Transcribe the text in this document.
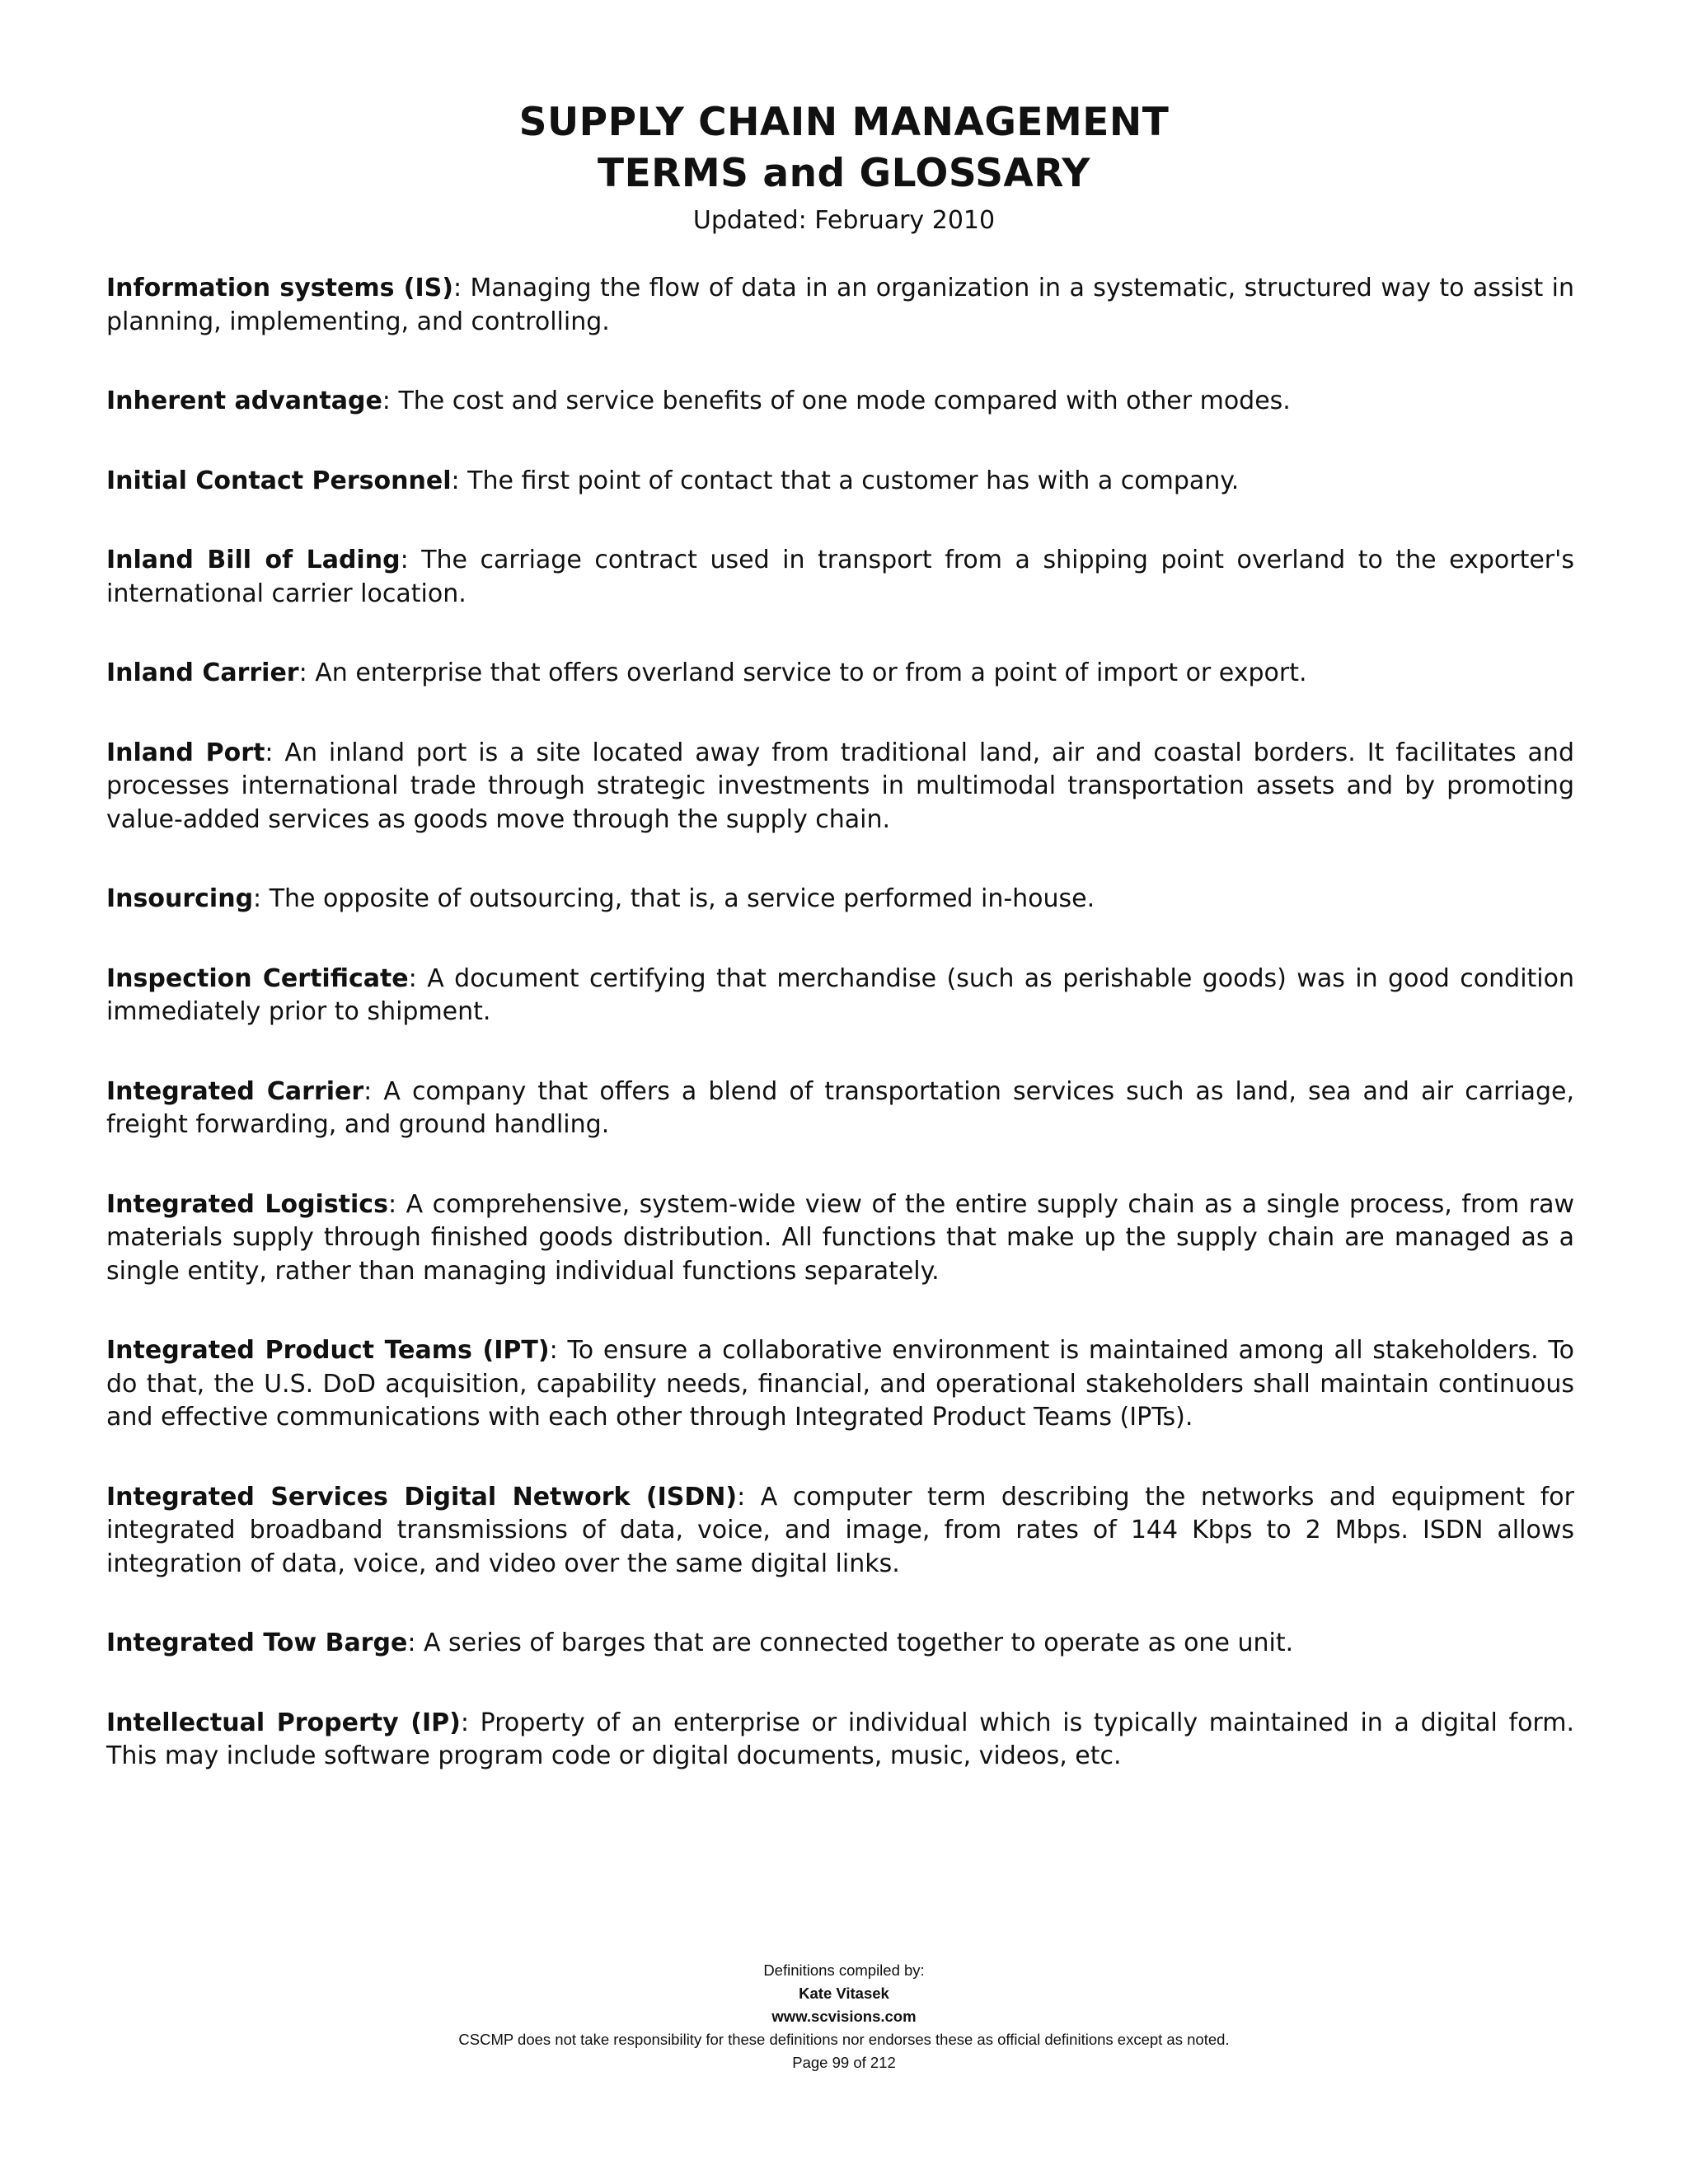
SUPPLY CHAIN MANAGEMENT
TERMS and GLOSSARY
Updated: February 2010

Information systems (IS): Managing the flow of data in an organization in a systematic, structured way to assist in planning, implementing, and controlling.

Inherent advantage: The cost and service benefits of one mode compared with other modes.

Initial Contact Personnel: The first point of contact that a customer has with a company.

Inland Bill of Lading: The carriage contract used in transport from a shipping point overland to the exporter's international carrier location.

Inland Carrier: An enterprise that offers overland service to or from a point of import or export.

Inland Port: An inland port is a site located away from traditional land, air and coastal borders. It facilitates and processes international trade through strategic investments in multimodal transportation assets and by promoting value-added services as goods move through the supply chain.

Insourcing: The opposite of outsourcing, that is, a service performed in-house.

Inspection Certificate: A document certifying that merchandise (such as perishable goods) was in good condition immediately prior to shipment.

Integrated Carrier: A company that offers a blend of transportation services such as land, sea and air carriage, freight forwarding, and ground handling.

Integrated Logistics: A comprehensive, system-wide view of the entire supply chain as a single process, from raw materials supply through finished goods distribution. All functions that make up the supply chain are managed as a single entity, rather than managing individual functions separately.

Integrated Product Teams (IPT): To ensure a collaborative environment is maintained among all stakeholders. To do that, the U.S. DoD acquisition, capability needs, financial, and operational stakeholders shall maintain continuous and effective communications with each other through Integrated Product Teams (IPTs).

Integrated Services Digital Network (ISDN): A computer term describing the networks and equipment for integrated broadband transmissions of data, voice, and image, from rates of 144 Kbps to 2 Mbps. ISDN allows integration of data, voice, and video over the same digital links.

Integrated Tow Barge: A series of barges that are connected together to operate as one unit.

Intellectual Property (IP): Property of an enterprise or individual which is typically maintained in a digital form. This may include software program code or digital documents, music, videos, etc.

Definitions compiled by:
Kate Vitasek
www.scvisions.com
CSCMP does not take responsibility for these definitions nor endorses these as official definitions except as noted.
Page 99 of 212
